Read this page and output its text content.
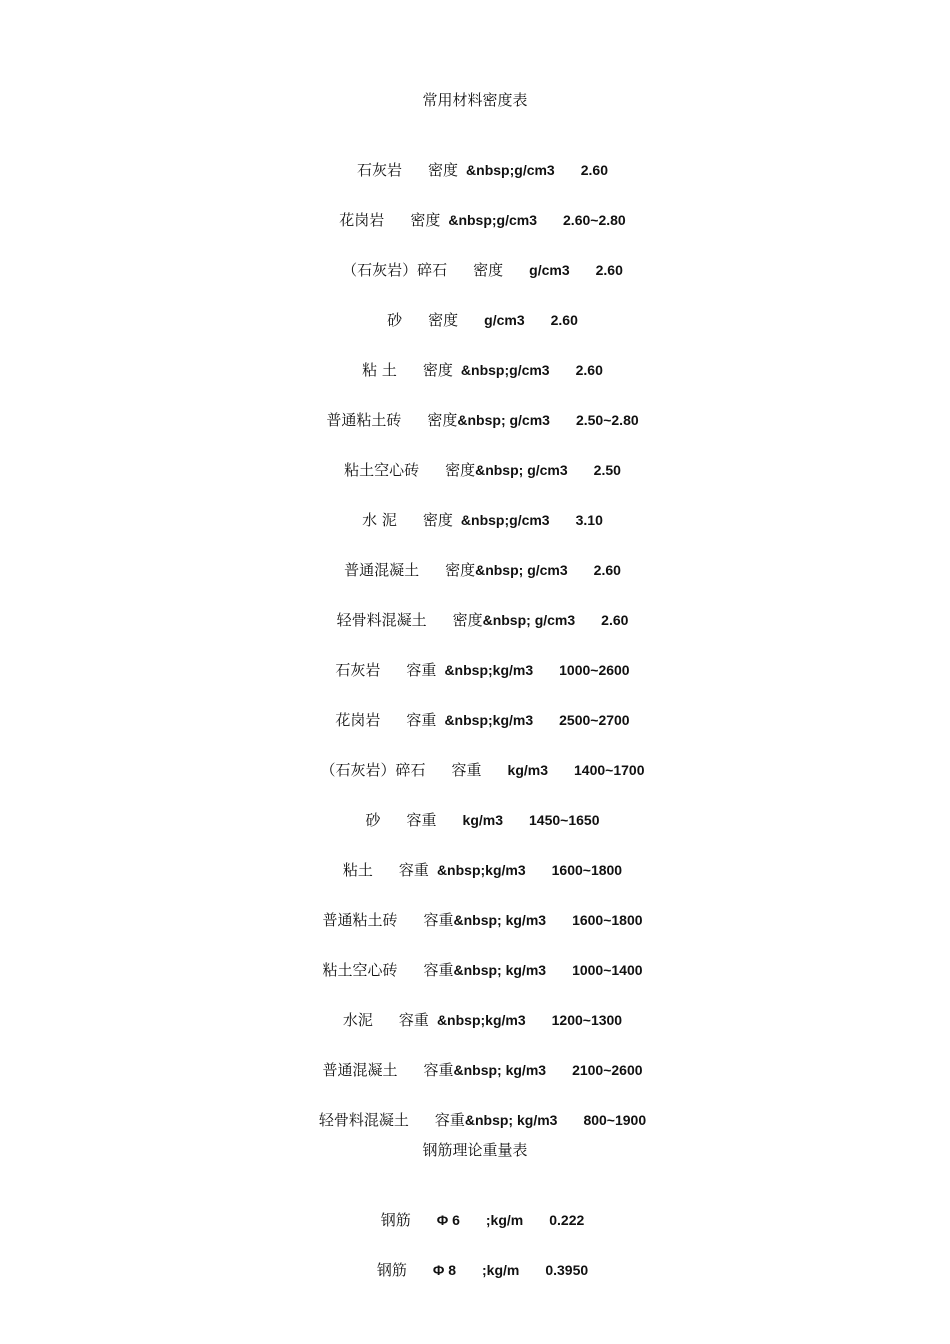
常用材料密度表

石灰岩 密度 &nbsp;g/cm3 2.60

花岗岩 密度 &nbsp;g/cm3 2.60~2.80

（石灰岩）碎石 密度 g/cm3 2.60

砂 密度 g/cm3 2.60

粘 土 密度 &nbsp;g/cm3 2.60

普通粘土砖 密度&nbsp; g/cm3 2.50~2.80

粘土空心砖 密度&nbsp; g/cm3 2.50

水 泥 密度 &nbsp;g/cm3 3.10

普通混凝土 密度&nbsp; g/cm3 2.60

轻骨料混凝土 密度&nbsp; g/cm3 2.60

石灰岩 容重 &nbsp;kg/m3 1000~2600

花岗岩 容重 &nbsp;kg/m3 2500~2700

（石灰岩）碎石 容重 kg/m3 1400~1700

砂 容重 kg/m3 1450~1650

粘土 容重 &nbsp;kg/m3 1600~1800

普通粘土砖 容重&nbsp; kg/m3 1600~1800

粘土空心砖 容重&nbsp; kg/m3 1000~1400

水泥 容重 &nbsp;kg/m3 1200~1300

普通混凝土 容重&nbsp; kg/m3 2100~2600

轻骨料混凝土 容重&nbsp; kg/m3 800~1900

钢筋理论重量表

钢筋 Φ 6 ;kg/m 0.222

钢筋 Φ 8 ;kg/m 0.3950
